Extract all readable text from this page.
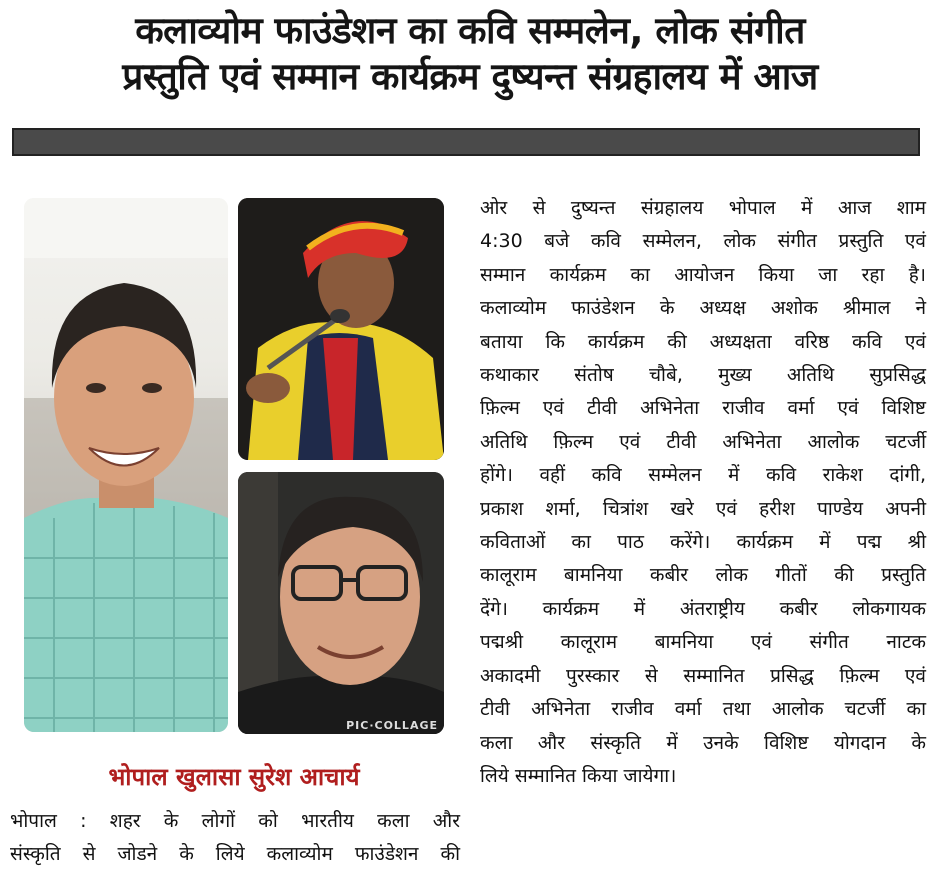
कलाव्योम फाउंडेशन का कवि सम्मलेन, लोक संगीत
प्रस्तुति एवं सम्मान कार्यक्रम दुष्यन्त संग्रहालय में आज
PIC·COLLAGE
भोपाल खुलासा सुरेश आचार्य
भोपाल : शहर के लोगों को भारतीय कला और
संस्कृति से जोडने के लिये कलाव्योम फाउंडेशन की
ओर से दुष्यन्त संग्रहालय भोपाल में आज शाम
4:30 बजे कवि सम्मेलन, लोक संगीत प्रस्तुति एवं
सम्मान कार्यक्रम का आयोजन किया जा रहा है।
कलाव्योम फाउंडेशन के अध्यक्ष अशोक श्रीमाल ने
बताया कि कार्यक्रम की अध्यक्षता वरिष्ठ कवि एवं
कथाकार संतोष चौबे, मुख्य अतिथि सुप्रसिद्ध
फ़िल्म एवं टीवी अभिनेता राजीव वर्मा एवं विशिष्ट
अतिथि फ़िल्म एवं टीवी अभिनेता आलोक चटर्जी
होंगे। वहीं कवि सम्मेलन में कवि राकेश दांगी,
प्रकाश शर्मा, चित्रांश खरे एवं हरीश पाण्डेय अपनी
कविताओं का पाठ करेंगे। कार्यक्रम में पद्म श्री
कालूराम बामनिया कबीर लोक गीतों की प्रस्तुति
देंगे। कार्यक्रम में अंतराष्ट्रीय कबीर लोकगायक
पद्मश्री कालूराम बामनिया एवं संगीत नाटक
अकादमी पुरस्कार से सम्मानित प्रसिद्ध फ़िल्म एवं
टीवी अभिनेता राजीव वर्मा तथा आलोक चटर्जी का
कला और संस्कृति में उनके विशिष्ट योगदान के
लिये सम्मानित किया जायेगा।
